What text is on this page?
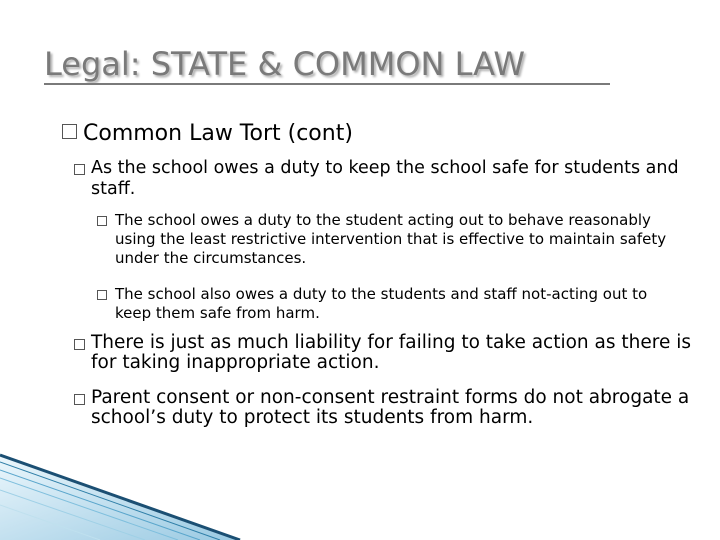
Legal: STATE & COMMON LAW
Common Law Tort (cont)
As the school owes a duty to keep the school safe for students and staff.
The school owes a duty to the student acting out to behave reasonably using the least restrictive intervention that is effective to maintain safety under the circumstances.
The school also owes a duty to the students and staff not-acting out to keep them safe from harm.
There is just as much liability for failing to take action as there is for taking inappropriate action.
Parent consent or non-consent restraint forms do not abrogate a school’s duty to protect its students from harm.
